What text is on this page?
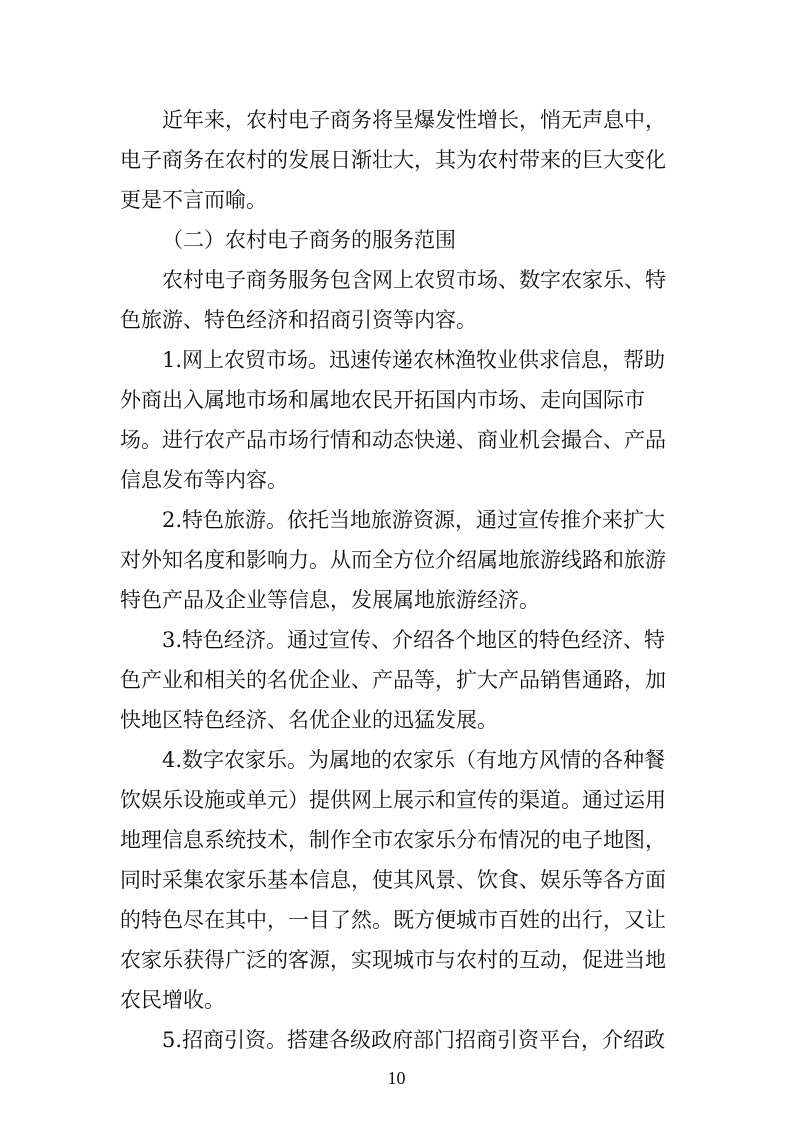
近年来，农村电子商务将呈爆发性增长，悄无声息中，
电子商务在农村的发展日渐壮大，其为农村带来的巨大变化
更是不言而喻。
（二）农村电子商务的服务范围
农村电子商务服务包含网上农贸市场、数字农家乐、特
色旅游、特色经济和招商引资等内容。
1.网上农贸市场。迅速传递农林渔牧业供求信息，帮助
外商出入属地市场和属地农民开拓国内市场、走向国际市
场。进行农产品市场行情和动态快递、商业机会撮合、产品
信息发布等内容。
2.特色旅游。依托当地旅游资源，通过宣传推介来扩大
对外知名度和影响力。从而全方位介绍属地旅游线路和旅游
特色产品及企业等信息，发展属地旅游经济。
3.特色经济。通过宣传、介绍各个地区的特色经济、特
色产业和相关的名优企业、产品等，扩大产品销售通路，加
快地区特色经济、名优企业的迅猛发展。
4.数字农家乐。为属地的农家乐（有地方风情的各种餐
饮娱乐设施或单元）提供网上展示和宣传的渠道。通过运用
地理信息系统技术，制作全市农家乐分布情况的电子地图，
同时采集农家乐基本信息，使其风景、饮食、娱乐等各方面
的特色尽在其中，一目了然。既方便城市百姓的出行，又让
农家乐获得广泛的客源，实现城市与农村的互动，促进当地
农民增收。
5.招商引资。搭建各级政府部门招商引资平台，介绍政
10
